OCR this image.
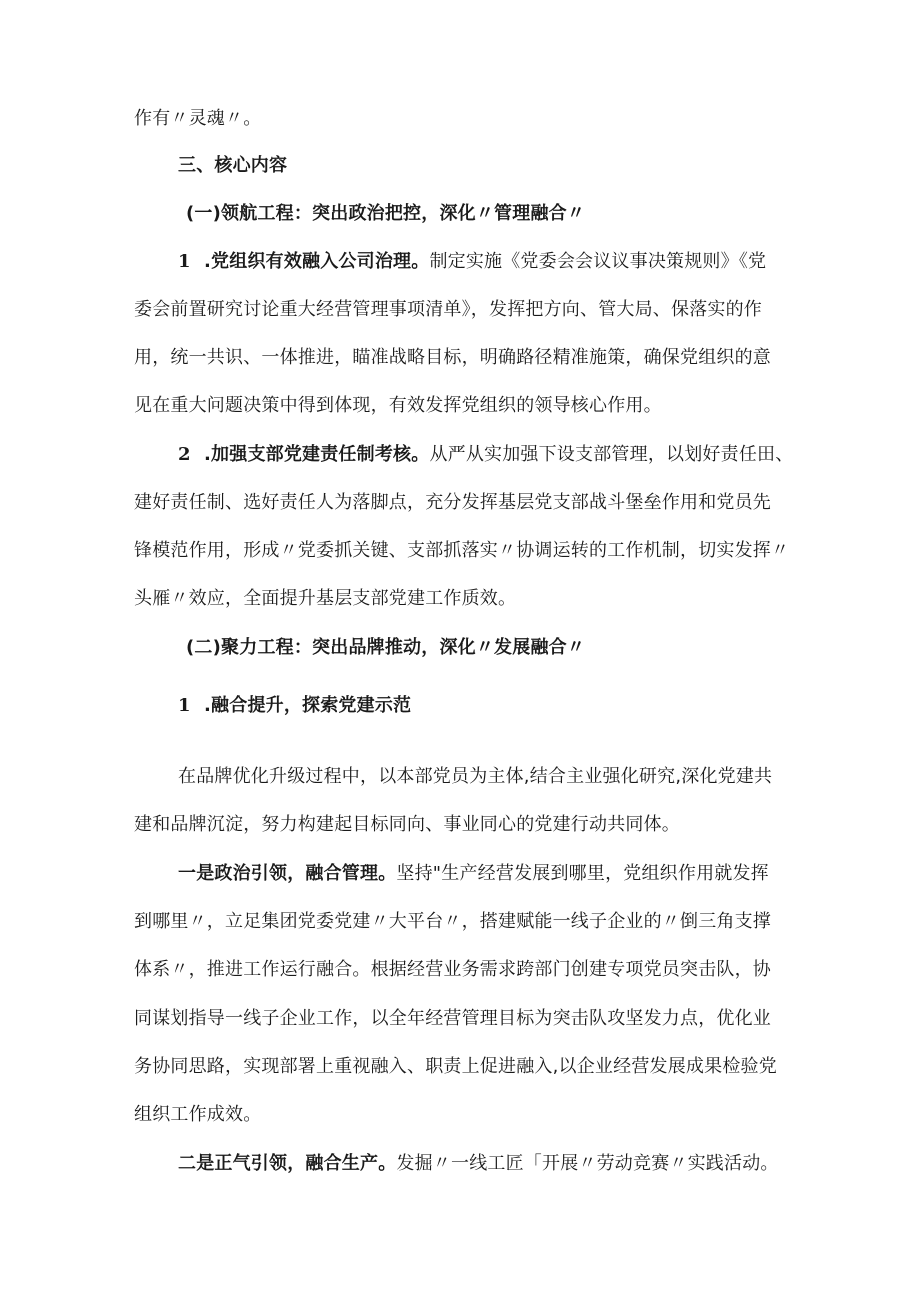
作有〃灵魂〃。
三、核心内容
(一)领航工程：突出政治把控，深化〃管理融合〃
1 .党组织有效融入公司治理。制定实施《党委会会议议事决策规则》《党
委会前置研究讨论重大经营管理事项清单》，发挥把方向、管大局、保落实的作
用，统一共识、一体推进，瞄准战略目标，明确路径精准施策，确保党组织的意
见在重大问题决策中得到体现，有效发挥党组织的领导核心作用。
2 .加强支部党建责任制考核。从严从实加强下设支部管理，以划好责任田、
建好责任制、选好责任人为落脚点，充分发挥基层党支部战斗堡垒作用和党员先
锋模范作用，形成〃党委抓关键、支部抓落实〃协调运转的工作机制，切实发挥〃
头雁〃效应，全面提升基层支部党建工作质效。
(二)聚力工程：突出品牌推动，深化〃发展融合〃
1 .融合提升，探索党建示范
在品牌优化升级过程中，以本部党员为主体,结合主业强化研究,深化党建共
建和品牌沉淀，努力构建起目标同向、事业同心的党建行动共同体。
一是政治引领，融合管理。坚持"生产经营发展到哪里，党组织作用就发挥
到哪里〃，立足集团党委党建〃大平台〃，搭建赋能一线子企业的〃倒三角支撑
体系〃，推进工作运行融合。根据经营业务需求跨部门创建专项党员突击队，协
同谋划指导一线子企业工作，以全年经营管理目标为突击队攻坚发力点，优化业
务协同思路，实现部署上重视融入、职责上促进融入,以企业经营发展成果检验党
组织工作成效。
二是正气引领，融合生产。发掘〃一线工匠「开展〃劳动竞赛〃实践活动。
